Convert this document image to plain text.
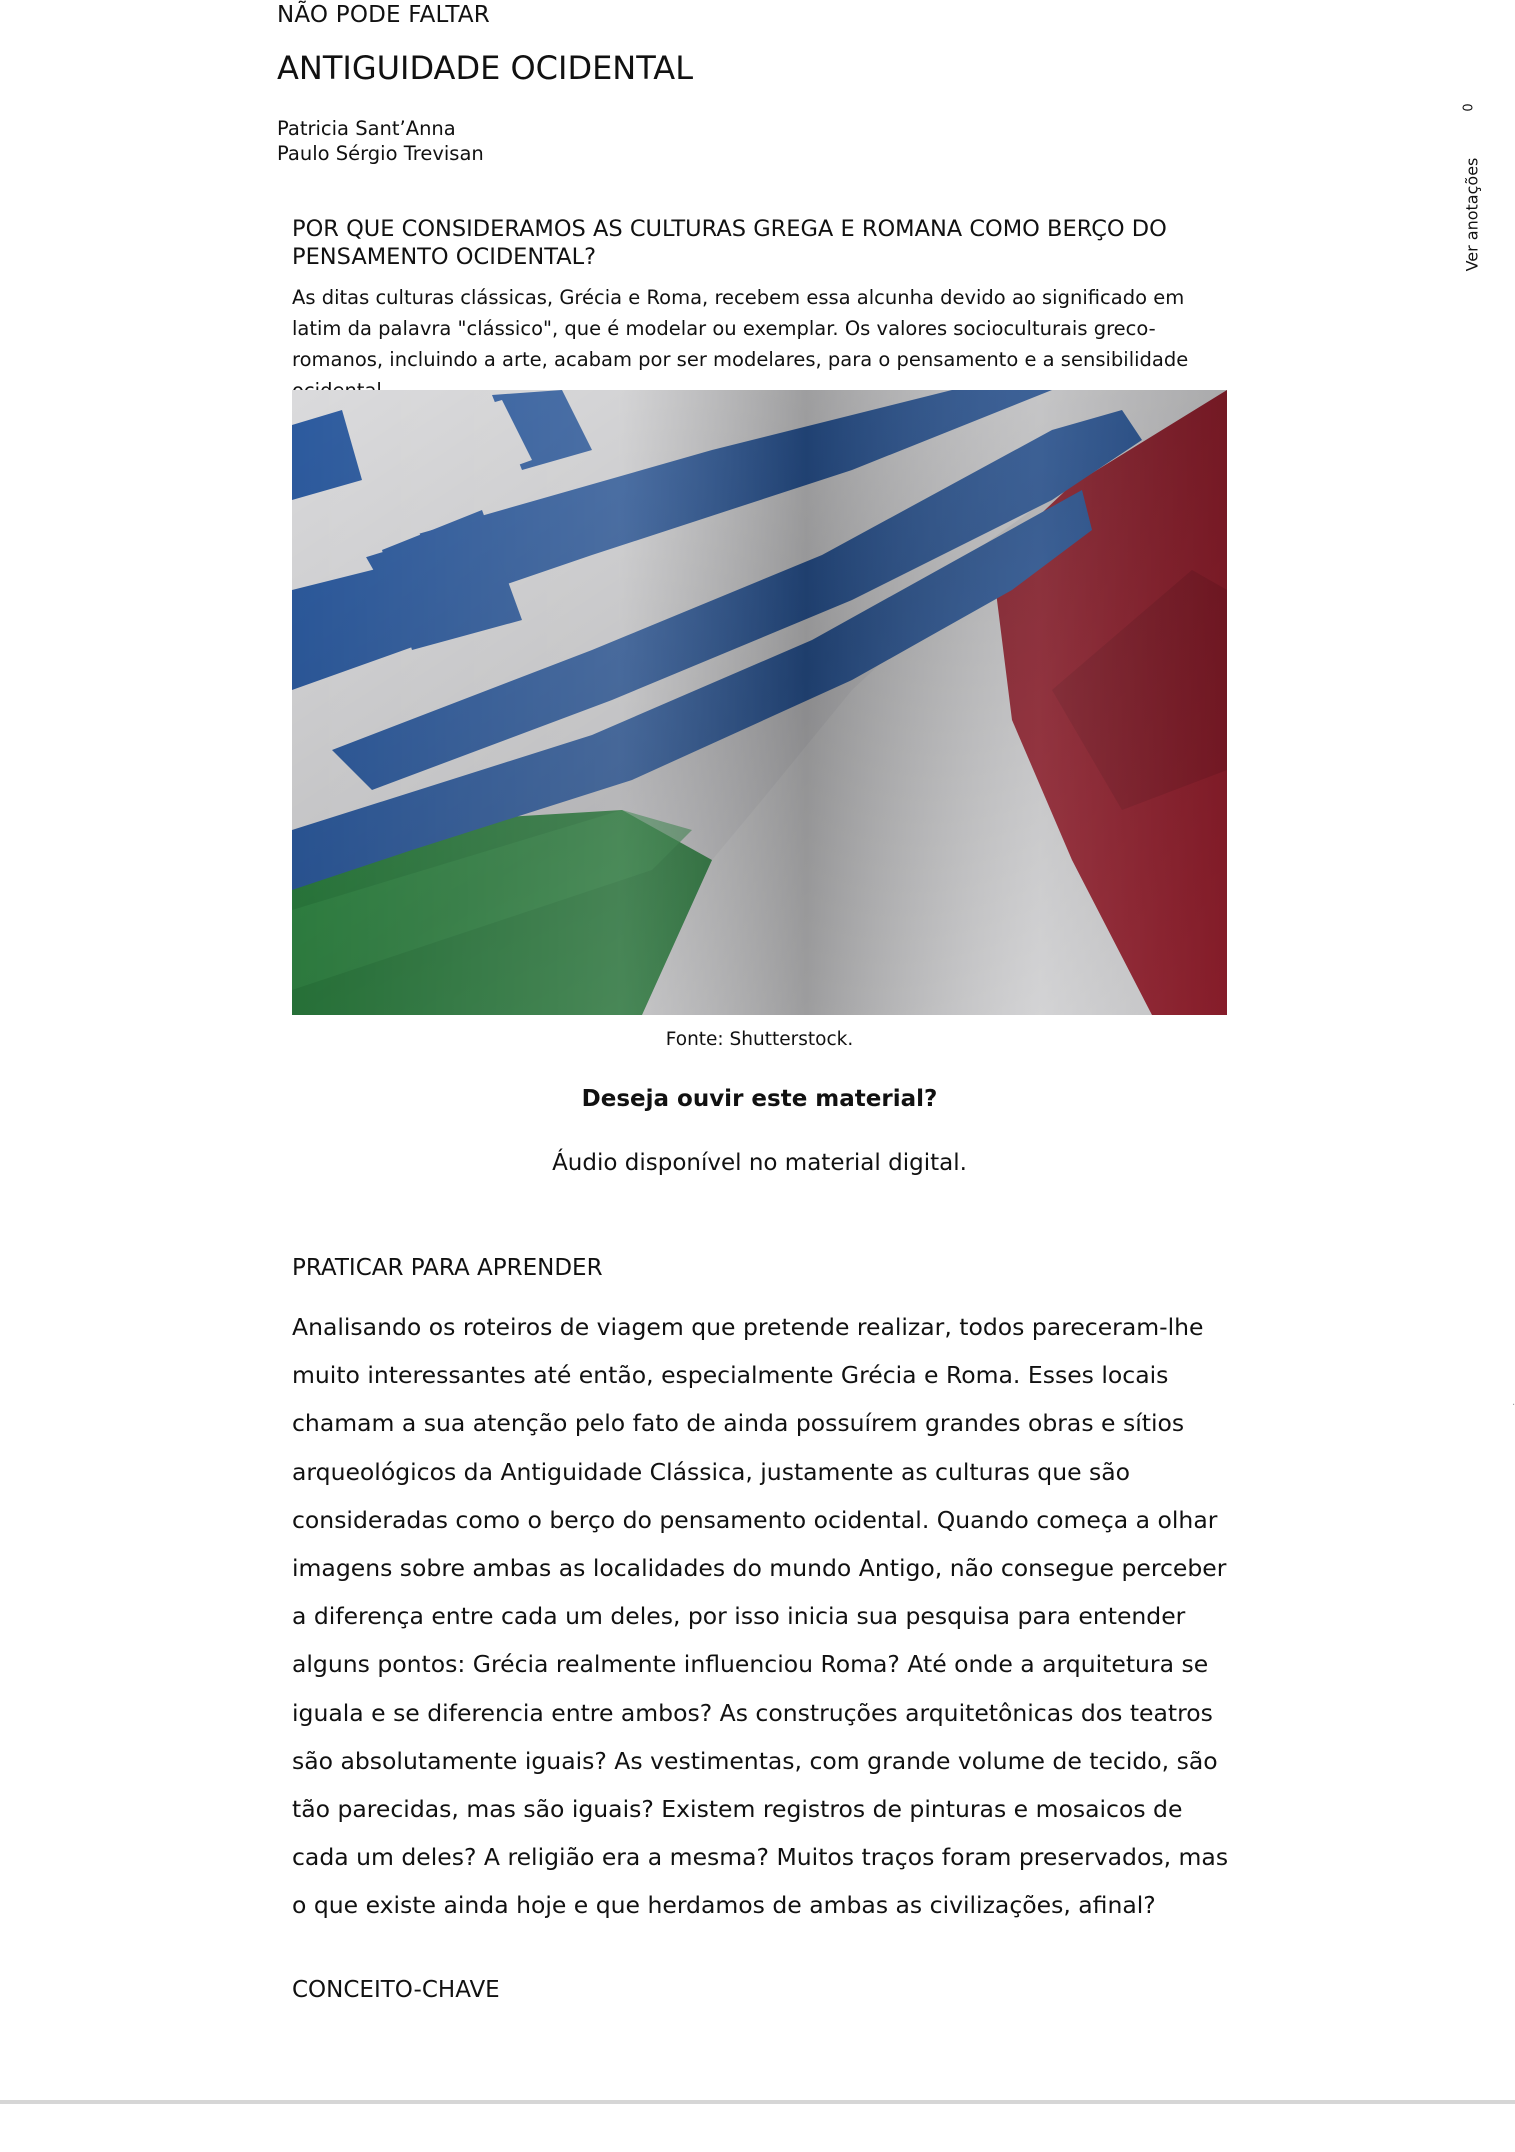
NÃO PODE FALTAR
ANTIGUIDADE OCIDENTAL
Patricia Sant’Anna
Paulo Sérgio Trevisan
0
Ver anotações
·
POR QUE CONSIDERAMOS AS CULTURAS GREGA E ROMANA COMO BERÇO DO PENSAMENTO OCIDENTAL?
As ditas culturas clássicas, Grécia e Roma, recebem essa alcunha devido ao significado em latim da palavra "clássico", que é modelar ou exemplar. Os valores socioculturais greco-romanos, incluindo a arte, acabam por ser modelares, para o pensamento e a sensibilidade
Fonte: Shutterstock.
Deseja ouvir este material?
Áudio disponível no material digital.
PRATICAR PARA APRENDER
Analisando os roteiros de viagem que pretende realizar, todos pareceram-lhe muito interessantes até então, especialmente Grécia e Roma. Esses locais chamam a sua atenção pelo fato de ainda possuírem grandes obras e sítios arqueológicos da Antiguidade Clássica, justamente as culturas que são consideradas como o berço do pensamento ocidental. Quando começa a olhar imagens sobre ambas as localidades do mundo Antigo, não consegue perceber a diferença entre cada um deles, por isso inicia sua pesquisa para entender alguns pontos: Grécia realmente influenciou Roma? Até onde a arquitetura se iguala e se diferencia entre ambos? As construções arquitetônicas dos teatros são absolutamente iguais? As vestimentas, com grande volume de tecido, são tão parecidas, mas são iguais? Existem registros de pinturas e mosaicos de cada um deles? A religião era a mesma? Muitos traços foram preservados, mas o que existe ainda hoje e que herdamos de ambas as civilizações, afinal?
CONCEITO-CHAVE
